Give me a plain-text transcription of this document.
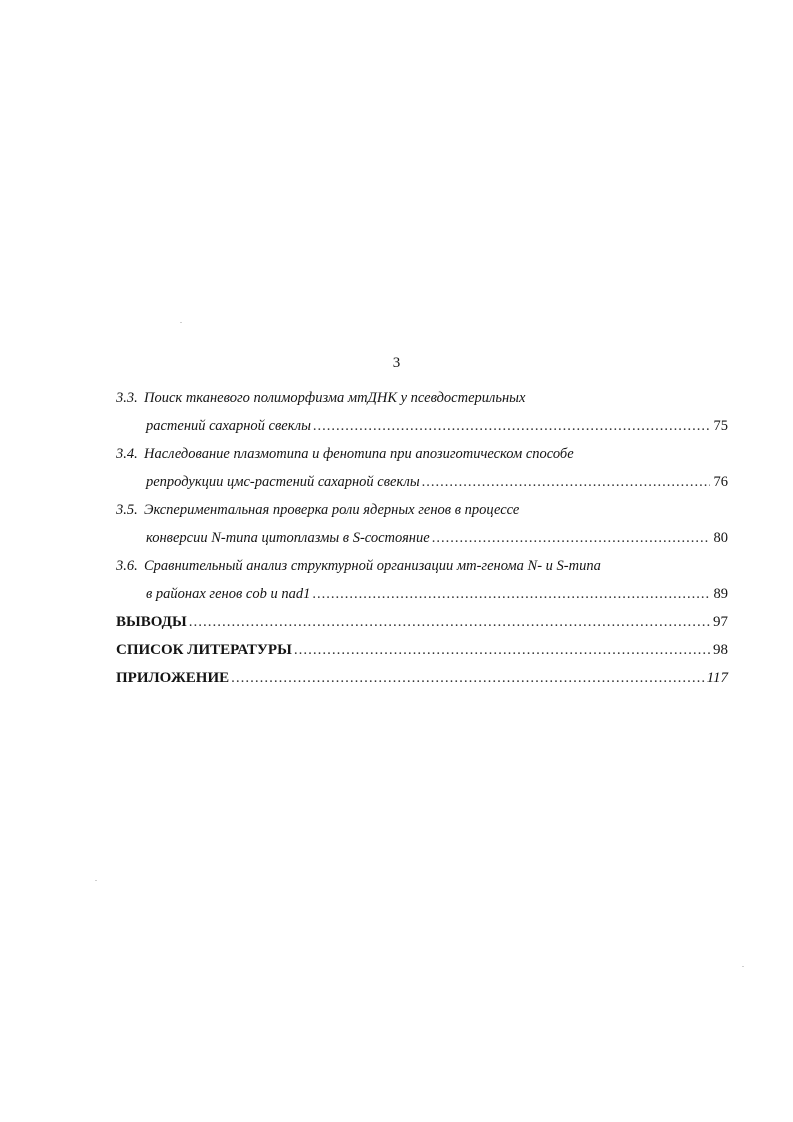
3
3.3. Поиск тканевого полиморфизма мтДНК у псевдостерильных
растений сахарной свеклы .....	75
3.4. Наследование плазмотипа и фенотипа при апозиготическом способе
репродукции цмс-растений сахарной свеклы .....	76
3.5. Экспериментальная проверка роли ядерных генов в процессе
конверсии N-типа цитоплазмы в S-состояние .....	80
3.6. Сравнительный анализ структурной организации мт-генома N- и S-типа
в районах генов cob и nad1 .....	89
ВЫВОДЫ .....	97
СПИСОК ЛИТЕРАТУРЫ .....	98
ПРИЛОЖЕНИЕ .....	117
